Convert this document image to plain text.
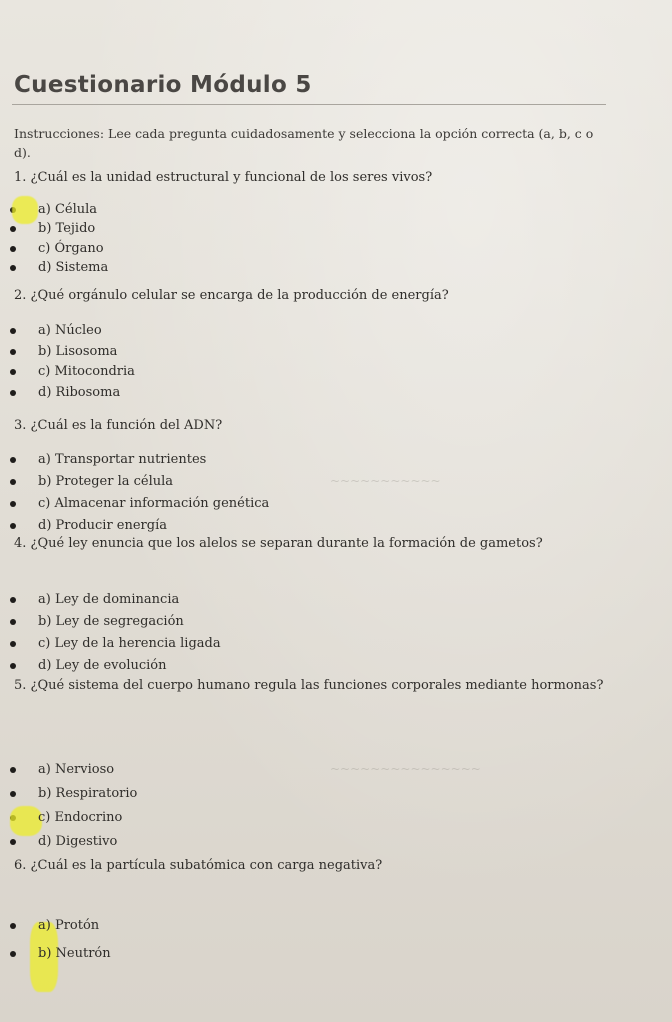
Cuestionario Módulo 5
Instrucciones: Lee cada pregunta cuidadosamente y selecciona la opción correcta (a, b, c o d).
1. ¿Cuál es la unidad estructural y funcional de los seres vivos?
a) Célula
b) Tejido
c) Órgano
d) Sistema
2. ¿Qué orgánulo celular se encarga de la producción de energía?
a) Núcleo
b) Lisosoma
c) Mitocondria
d) Ribosoma
3. ¿Cuál es la función del ADN?
~~~~~~~~~~~
a) Transportar nutrientes
b) Proteger la célula
c) Almacenar información genética
d) Producir energía
4. ¿Qué ley enuncia que los alelos se separan durante la formación de gametos?
a) Ley de dominancia
b) Ley de segregación
c) Ley de la herencia ligada
d) Ley de evolución
5. ¿Qué sistema del cuerpo humano regula las funciones corporales mediante hormonas?
~~~~~~~~~~~~~~~
a) Nervioso
b) Respiratorio
c) Endocrino
d) Digestivo
6. ¿Cuál es la partícula subatómica con carga negativa?
a) Protón
b) Neutrón
